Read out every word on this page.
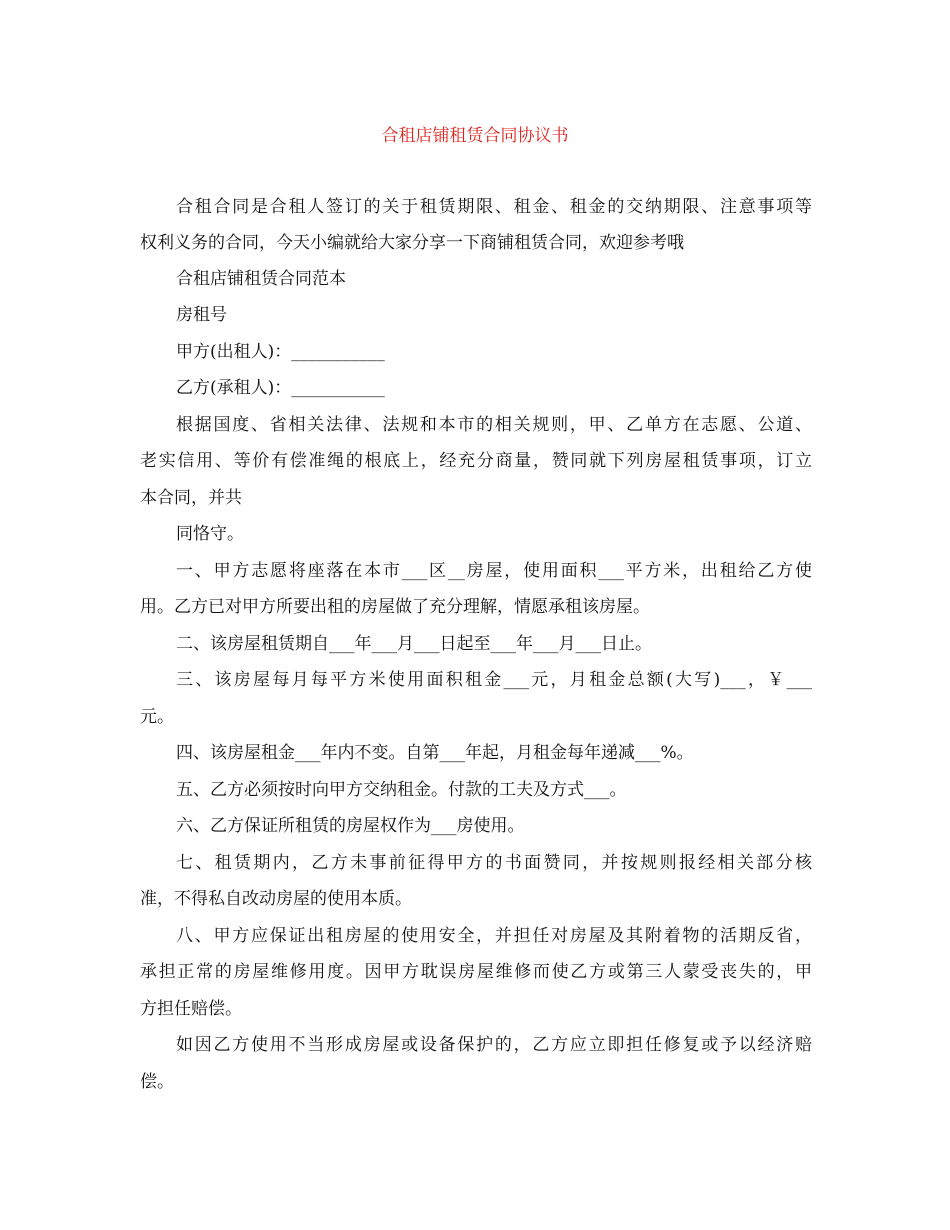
合租店铺租赁合同协议书
合租合同是合租人签订的关于租赁期限、租金、租金的交纳期限、注意事项等
权利义务的合同，今天小编就给大家分享一下商铺租赁合同，欢迎参考哦
合租店铺租赁合同范本
房租号
甲方(出租人)：___________
乙方(承租人)：___________
根据国度、省相关法律、法规和本市的相关规则，甲、乙单方在志愿、公道、
老实信用、等价有偿准绳的根底上，经充分商量，赞同就下列房屋租赁事项，订立
本合同，并共
同恪守。
一、甲方志愿将座落在本市___区__房屋，使用面积___平方米，出租给乙方使
用。乙方已对甲方所要出租的房屋做了充分理解，情愿承租该房屋。
二、该房屋租赁期自___年___月___日起至___年___月___日止。
三、该房屋每月每平方米使用面积租金___元，月租金总额(大写)___，￥___
元。
四、该房屋租金___年内不变。自第___年起，月租金每年递减___%。
五、乙方必须按时向甲方交纳租金。付款的工夫及方式___。
六、乙方保证所租赁的房屋权作为___房使用。
七、租赁期内，乙方未事前征得甲方的书面赞同，并按规则报经相关部分核
准，不得私自改动房屋的使用本质。
八、甲方应保证出租房屋的使用安全，并担任对房屋及其附着物的活期反省，
承担正常的房屋维修用度。因甲方耽误房屋维修而使乙方或第三人蒙受丧失的，甲
方担任赔偿。
如因乙方使用不当形成房屋或设备保护的，乙方应立即担任修复或予以经济赔
偿。
